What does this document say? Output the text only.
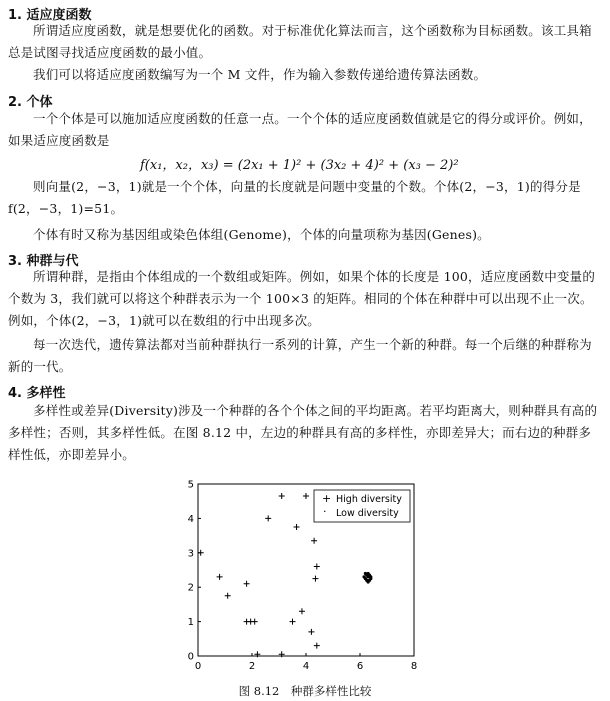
1. 适应度函数
所谓适应度函数，就是想要优化的函数。对于标准优化算法而言，这个函数称为目标函数。该工具箱总是试图寻找适应度函数的最小值。
我们可以将适应度函数编写为一个 M 文件，作为输入参数传递给遗传算法函数。
2. 个体
一个个体是可以施加适应度函数的任意一点。一个个体的适应度函数值就是它的得分或评价。例如，如果适应度函数是
f(x₁，x₂，x₃) = (2x₁ + 1)² + (3x₂ + 4)² + (x₃ − 2)²
则向量(2，−3，1)就是一个个体，向量的长度就是问题中变量的个数。个体(2，−3，1)的得分是 f(2，−3，1)=51。
个体有时又称为基因组或染色体组(Genome)，个体的向量项称为基因(Genes)。
3. 种群与代
所谓种群，是指由个体组成的一个数组或矩阵。例如，如果个体的长度是 100，适应度函数中变量的个数为 3，我们就可以将这个种群表示为一个 100×3 的矩阵。相同的个体在种群中可以出现不止一次。例如，个体(2，−3，1)就可以在数组的行中出现多次。
每一次迭代，遗传算法都对当前种群执行一系列的计算，产生一个新的种群。每一个后继的种群称为新的一代。
4. 多样性
多样性或差异(Diversity)涉及一个种群的各个个体之间的平均距离。若平均距离大，则种群具有高的多样性；否则，其多样性低。在图 8.12 中，左边的种群具有高的多样性，亦即差异大；而右边的种群多样性低，亦即差异小。
0	2	4	6	8
0
1
2
3
4
5
+ High diversity
· Low diversity
图 8.12　种群多样性比较
